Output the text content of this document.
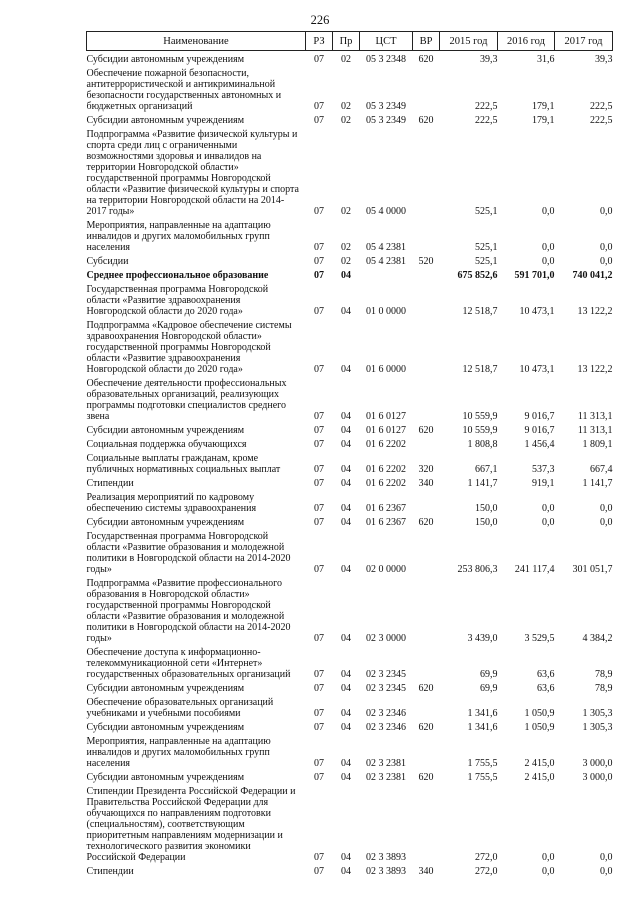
226
Наименование	РЗ	Пр	ЦСТ	ВР	2015 год	2016 год	2017 год
Субсидии автономным учреждениям	07	02	05 3 2348	620	39,3	31,6	39,3
Обеспечение пожарной безопасности, антитеррористической и антикриминальной безопасности государственных автономных и бюджетных организаций	07	02	05 3 2349		222,5	179,1	222,5
Субсидии автономным учреждениям	07	02	05 3 2349	620	222,5	179,1	222,5
Подпрограмма «Развитие физической культуры и спорта среди лиц с ограниченными возможностями здоровья и инвалидов на территории Новгородской области» государственной программы Новгородской области «Развитие физической культуры и спорта на территории Новгородской области на 2014-2017 годы»	07	02	05 4 0000		525,1	0,0	0,0
Мероприятия, направленные на адаптацию инвалидов и других маломобильных групп населения	07	02	05 4 2381		525,1	0,0	0,0
Субсидии	07	02	05 4 2381	520	525,1	0,0	0,0
Среднее профессиональное образование	07	04			675 852,6	591 701,0	740 041,2
Государственная программа Новгородской области «Развитие здравоохранения Новгородской области до 2020 года»	07	04	01 0 0000		12 518,7	10 473,1	13 122,2
Подпрограмма «Кадровое обеспечение системы здравоохранения Новгородской области» государственной программы Новгородской области «Развитие здравоохранения Новгородской области до 2020 года»	07	04	01 6 0000		12 518,7	10 473,1	13 122,2
Обеспечение деятельности профессиональных образовательных организаций, реализующих программы подготовки специалистов среднего звена	07	04	01 6 0127		10 559,9	9 016,7	11 313,1
Субсидии автономным учреждениям	07	04	01 6 0127	620	10 559,9	9 016,7	11 313,1
Социальная поддержка обучающихся	07	04	01 6 2202		1 808,8	1 456,4	1 809,1
Социальные выплаты гражданам, кроме публичных нормативных социальных выплат	07	04	01 6 2202	320	667,1	537,3	667,4
Стипендии	07	04	01 6 2202	340	1 141,7	919,1	1 141,7
Реализация мероприятий по кадровому обеспечению системы здравоохранения	07	04	01 6 2367		150,0	0,0	0,0
Субсидии автономным учреждениям	07	04	01 6 2367	620	150,0	0,0	0,0
Государственная программа Новгородской области «Развитие образования и молодежной политики в Новгородской области на 2014-2020 годы»	07	04	02 0 0000		253 806,3	241 117,4	301 051,7
Подпрограмма «Развитие профессионального образования в Новгородской области» государственной программы Новгородской области «Развитие образования и молодежной политики в Новгородской области на 2014-2020 годы»	07	04	02 3 0000		3 439,0	3 529,5	4 384,2
Обеспечение доступа к информационно-телекоммуникационной сети «Интернет» государственных образовательных организаций	07	04	02 3 2345		69,9	63,6	78,9
Субсидии автономным учреждениям	07	04	02 3 2345	620	69,9	63,6	78,9
Обеспечение образовательных организаций учебниками и учебными пособиями	07	04	02 3 2346		1 341,6	1 050,9	1 305,3
Субсидии автономным учреждениям	07	04	02 3 2346	620	1 341,6	1 050,9	1 305,3
Мероприятия, направленные на адаптацию инвалидов и других маломобильных групп населения	07	04	02 3 2381		1 755,5	2 415,0	3 000,0
Субсидии автономным учреждениям	07	04	02 3 2381	620	1 755,5	2 415,0	3 000,0
Стипендии Президента Российской Федерации и Правительства Российской Федерации для обучающихся по направлениям подготовки (специальностям), соответствующим приоритетным направлениям модернизации и технологического развития экономики Российской Федерации	07	04	02 3 3893		272,0	0,0	0,0
Стипендии	07	04	02 3 3893	340	272,0	0,0	0,0
